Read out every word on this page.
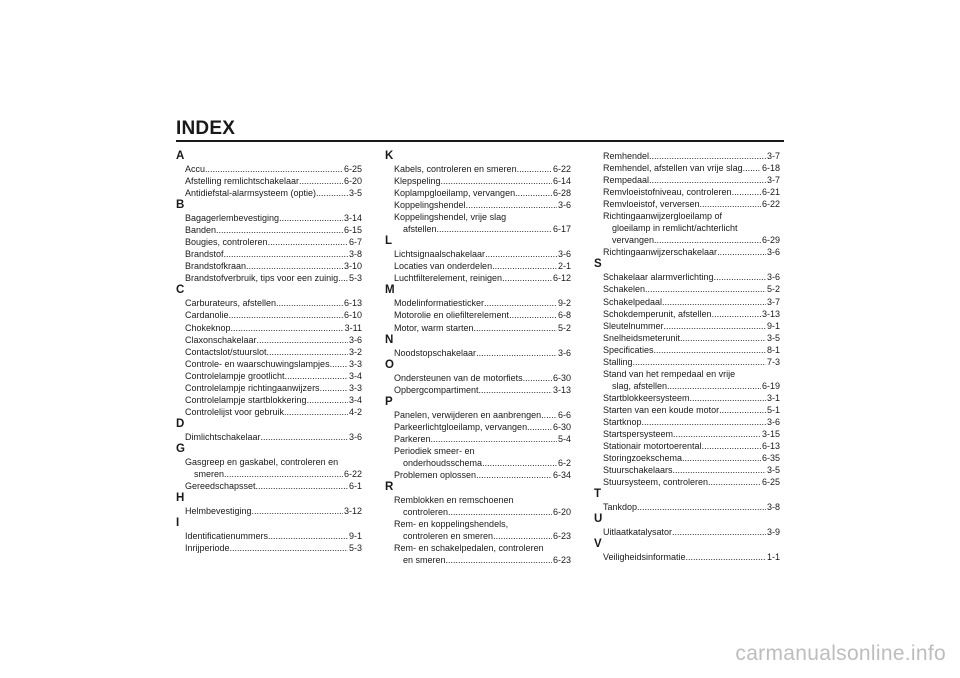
INDEX
A
Accu .....	6-25
Afstelling remlichtschakelaar .....	6-20
Antidiefstal-alarmsysteem (optie) .....	3-5
B
Bagagerlembevestiging .....	3-14
Banden .....	6-15
Bougies, controleren .....	6-7
Brandstof .....	3-8
Brandstofkraan .....	3-10
Brandstofverbruik, tips voor een zuinig ..... 5-3
C
Carburateurs, afstellen .....	6-13
Cardanolie .....	6-10
Chokeknop .....	3-11
Claxonschakelaar .....	3-6
Contactslot/stuurslot .....	3-2
Controle- en waarschuwingslampjes ..... 3-3
Controlelampje grootlicht .....	3-4
Controlelampje richtingaanwijzers .....	3-3
Controlelampje startblokkering .....	3-4
Controlelijst voor gebruik .....	4-2
D
Dimlichtschakelaar .....	3-6
G
Gasgreep en gaskabel, controleren en
smeren .....	6-22
Gereedschapsset .....	6-1
H
Helmbevestiging .....	3-12
I
Identificatienummers .....	9-1
Inrijperiode .....	5-3
K
Kabels, controleren en smeren .....	6-22
Klepspeling .....	6-14
Koplampgloeilamp, vervangen .....	6-28
Koppelingshendel .....	3-6
Koppelingshendel, vrije slag
afstellen .....	6-17
L
Lichtsignaalschakelaar .....	3-6
Locaties van onderdelen .....	2-1
Luchtfilterelement, reinigen .....	6-12
M
Modelinformatiesticker .....	9-2
Motorolie en oliefilterelement .....	6-8
Motor, warm starten .....	5-2
N
Noodstopschakelaar .....	3-6
O
Ondersteunen van de motorfiets .....	6-30
Opbergcompartiment .....	3-13
P
Panelen, verwijderen en aanbrengen ..... 6-6
Parkeerlichtgloeilamp, vervangen .....	6-30
Parkeren .....	5-4
Periodiek smeer- en
onderhoudsschema .....	6-2
Problemen oplossen .....	6-34
R
Remblokken en remschoenen
controleren .....	6-20
Rem- en koppelingshendels,
controleren en smeren .....	6-23
Rem- en schakelpedalen, controleren
en smeren .....	6-23
Remhendel .....	3-7
Remhendel, afstellen van vrije slag ..... 6-18
Rempedaal .....	3-7
Remvloeistofniveau, controleren .....	6-21
Remvloeistof, verversen .....	6-22
Richtingaanwijzergloeilamp of
gloeilamp in remlicht/achterlicht
vervangen .....	6-29
Richtingaanwijzerschakelaar .....	3-6
S
Schakelaar alarmverlichting .....	3-6
Schakelen .....	5-2
Schakelpedaal .....	3-7
Schokdemperunit, afstellen .....	3-13
Sleutelnummer .....	9-1
Snelheidsmeterunit .....	3-5
Specificaties .....	8-1
Stalling .....	7-3
Stand van het rempedaal en vrije
slag, afstellen .....	6-19
Startblokkeersysteem .....	3-1
Starten van een koude motor .....	5-1
Startknop .....	3-6
Startspersysteem .....	3-15
Stationair motortoerental .....	6-13
Storingzoekschema .....	6-35
Stuurschakelaars .....	3-5
Stuursysteem, controleren .....	6-25
T
Tankdop .....	3-8
U
Uitlaatkatalysator .....	3-9
V
Veiligheidsinformatie .....	1-1
carmanualsonline.info
